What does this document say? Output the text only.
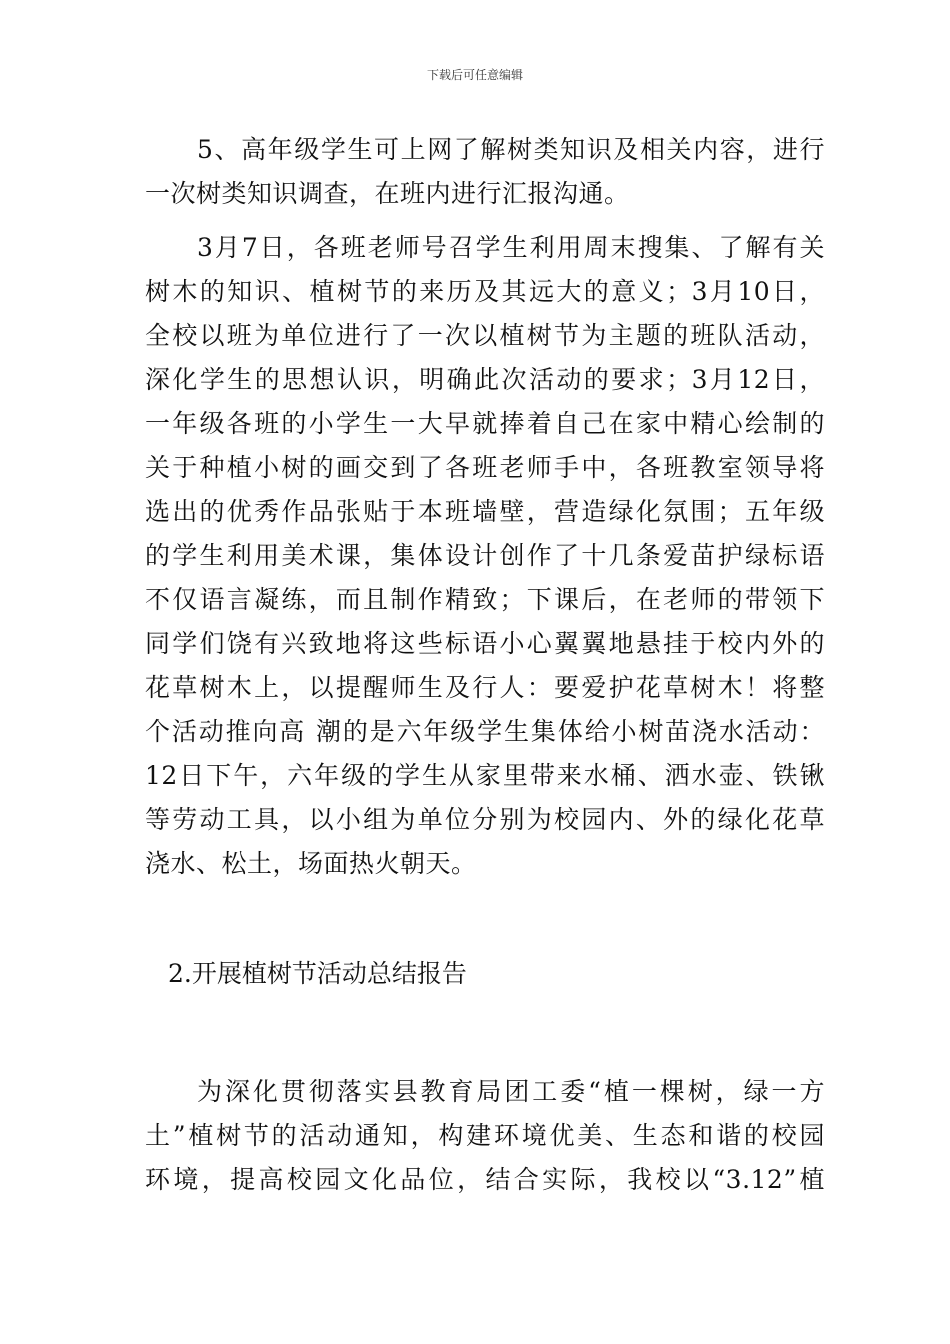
下载后可任意编辑
5、高年级学生可上网了解树类知识及相关内容，进行
一次树类知识调查，在班内进行汇报沟通。
3月7日，各班老师号召学生利用周末搜集、了解有关
树木的知识、植树节的来历及其远大的意义；3月10日，
全校以班为单位进行了一次以植树节为主题的班队活动，
深化学生的思想认识，明确此次活动的要求；3月12日，
一年级各班的小学生一大早就捧着自己在家中精心绘制的
关于种植小树的画交到了各班老师手中，各班教室领导将
选出的优秀作品张贴于本班墙壁，营造绿化氛围；五年级
的学生利用美术课，集体设计创作了十几条爱苗护绿标语
不仅语言凝练，而且制作精致；下课后，在老师的带领下
同学们饶有兴致地将这些标语小心翼翼地悬挂于校内外的
花草树木上，以提醒师生及行人：要爱护花草树木！将整
个活动推向高 潮的是六年级学生集体给小树苗浇水活动：
12日下午，六年级的学生从家里带来水桶、洒水壶、铁锹
等劳动工具，以小组为单位分别为校园内、外的绿化花草
浇水、松土，场面热火朝天。
2.开展植树节活动总结报告
为深化贯彻落实县教育局团工委“植一棵树，绿一方
土”植树节的活动通知，构建环境优美、生态和谐的校园
环境，提高校园文化品位，结合实际，我校以“3.12”植
